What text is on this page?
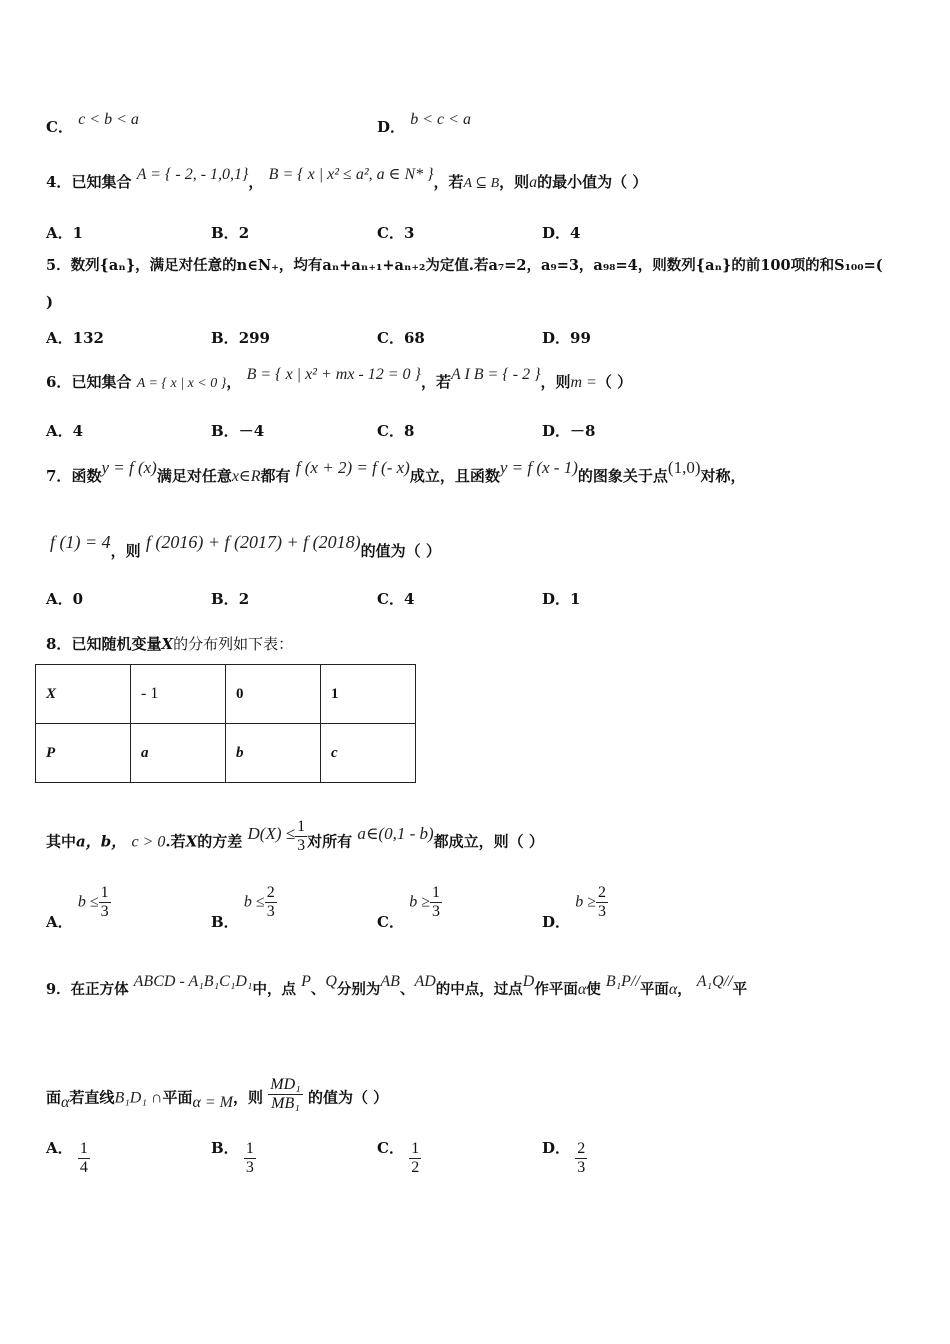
C． c < b < a	D． b < c < a
4．已知集合 A = { - 2, - 1,0,1}， B = { x | x² ≤ a², a ∈ N* }，若A ⊆ B，则a的最小值为（ ）
A．1	B．2	C．3	D．4
5．数列{aₙ}，满足对任意的n∈N₊，均有aₙ+aₙ₊₁+aₙ₊₂为定值.若a₇=2，a₉=3，a₉₈=4，则数列{aₙ}的前100项的和S₁₀₀=(
)
A．132	B．299	C．68	D．99
6．已知集合 A = { x | x < 0 }， B = { x | x² + mx - 12 = 0 }，若A I B = { - 2 }，则m =（ ）
A．4	B．－4	C．8	D．－8
7．函数y = f (x)满足对任意x∈R都有 f (x + 2) = f (- x)成立，且函数y = f (x - 1)的图象关于点(1,0)对称，
f (1) = 4，则 f (2016) + f (2017) + f (2018)的值为（ ）
A．0	B．2	C．4	D．1
8．已知随机变量X的分布列如下表：
X	- 1	0	1
P	a	b	c
其中a，b， c > 0.若X的方差 $D(X) \le \frac{1}{3}$ 对所有 a∈(0,1 - b)都成立，则（ ）
A． $b \le \frac{1}{3}$
B． $b \le \frac{2}{3}$
C． $b \ge \frac{1}{3}$
D． $b \ge \frac{2}{3}$
9．在正方体 ABCD - A₁B₁C₁D₁中，点 P、Q分别为AB、AD的中点，过点D作平面α使 B₁P//平面α， A₁Q//平
面α若直线B₁D₁ ∩平面α = M，则 $\frac{\text{MD₁}}{\text{MB₁}}$ 的值为（ ）
A． $\frac{1}{4}$	B． $\frac{1}{3}$	C． $\frac{1}{2}$	D． $\frac{2}{3}$
